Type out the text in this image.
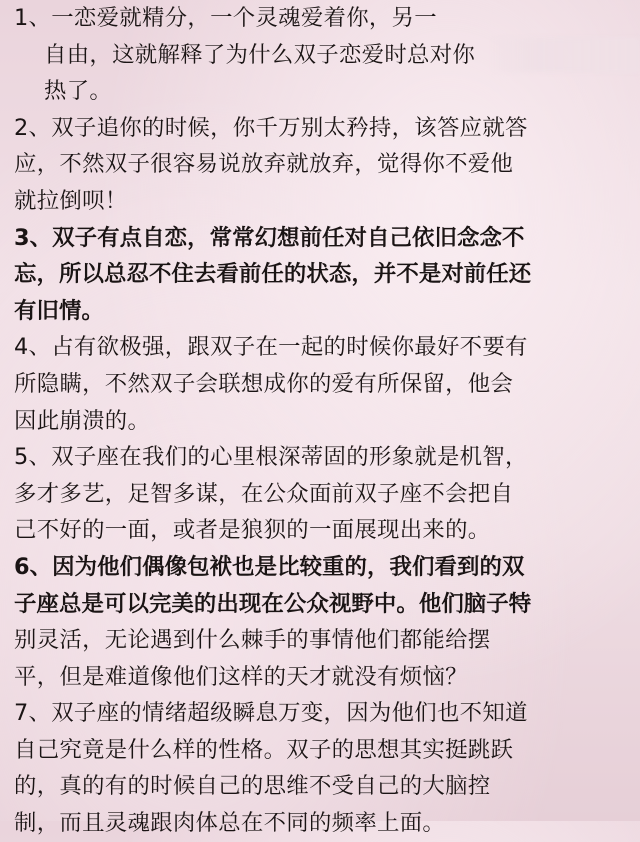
1、一恋爱就精分，一个灵魂爱着你，另一
自由，这就解释了为什么双子恋爱时总对你
热了。
2、双子追你的时候，你千万别太矜持，该答应就答
应，不然双子很容易说放弃就放弃，觉得你不爱他
就拉倒呗！
3、双子有点自恋，常常幻想前任对自己依旧念念不
忘，所以总忍不住去看前任的状态，并不是对前任还
有旧情。
4、占有欲极强，跟双子在一起的时候你最好不要有
所隐瞒，不然双子会联想成你的爱有所保留，他会
因此崩溃的。
5、双子座在我们的心里根深蒂固的形象就是机智，
多才多艺，足智多谋，在公众面前双子座不会把自
己不好的一面，或者是狼狈的一面展现出来的。
6、因为他们偶像包袱也是比较重的，我们看到的双
子座总是可以完美的出现在公众视野中。他们脑子特
别灵活，无论遇到什么棘手的事情他们都能给摆
平，但是难道像他们这样的天才就没有烦恼？
7、双子座的情绪超级瞬息万变，因为他们也不知道
自己究竟是什么样的性格。双子的思想其实挺跳跃
的，真的有的时候自己的思维不受自己的大脑控
制，而且灵魂跟肉体总在不同的频率上面。
